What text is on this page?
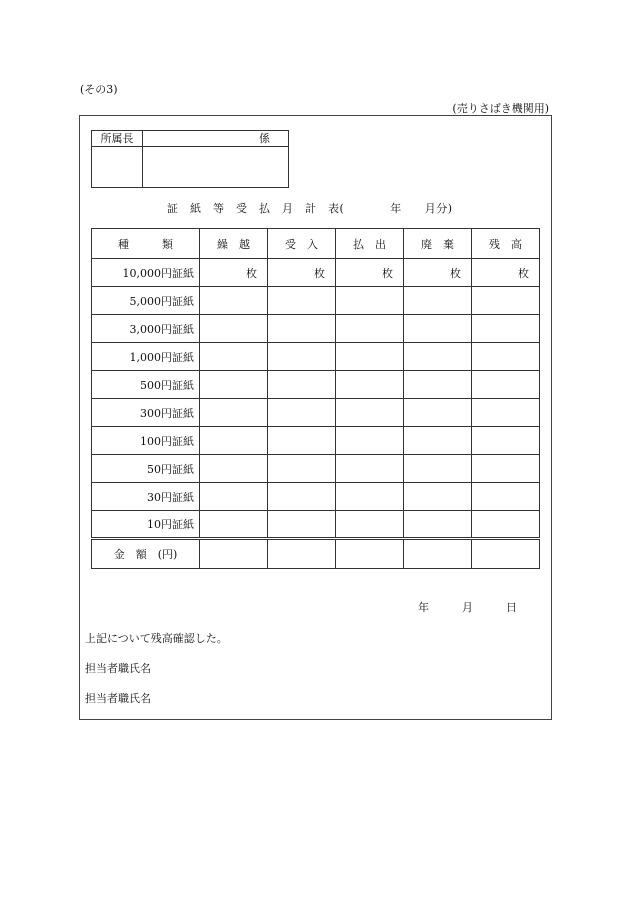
(その3)
(売りさばき機関用)
所属長	係
証　紙　等　受　払　月　計　表(　　　　年　　月分)
種　　　類	繰　越	受　入	払　出	廃　棄	残　高
10,000円証紙	枚	枚	枚	枚	枚
5,000円証紙					
3,000円証紙					
1,000円証紙					
500円証紙					
300円証紙					
100円証紙					
50円証紙					
30円証紙					
10円証紙					
金　額　(円)					
年　　　月　　　日
上記について残高確認した。
担当者職氏名
担当者職氏名
